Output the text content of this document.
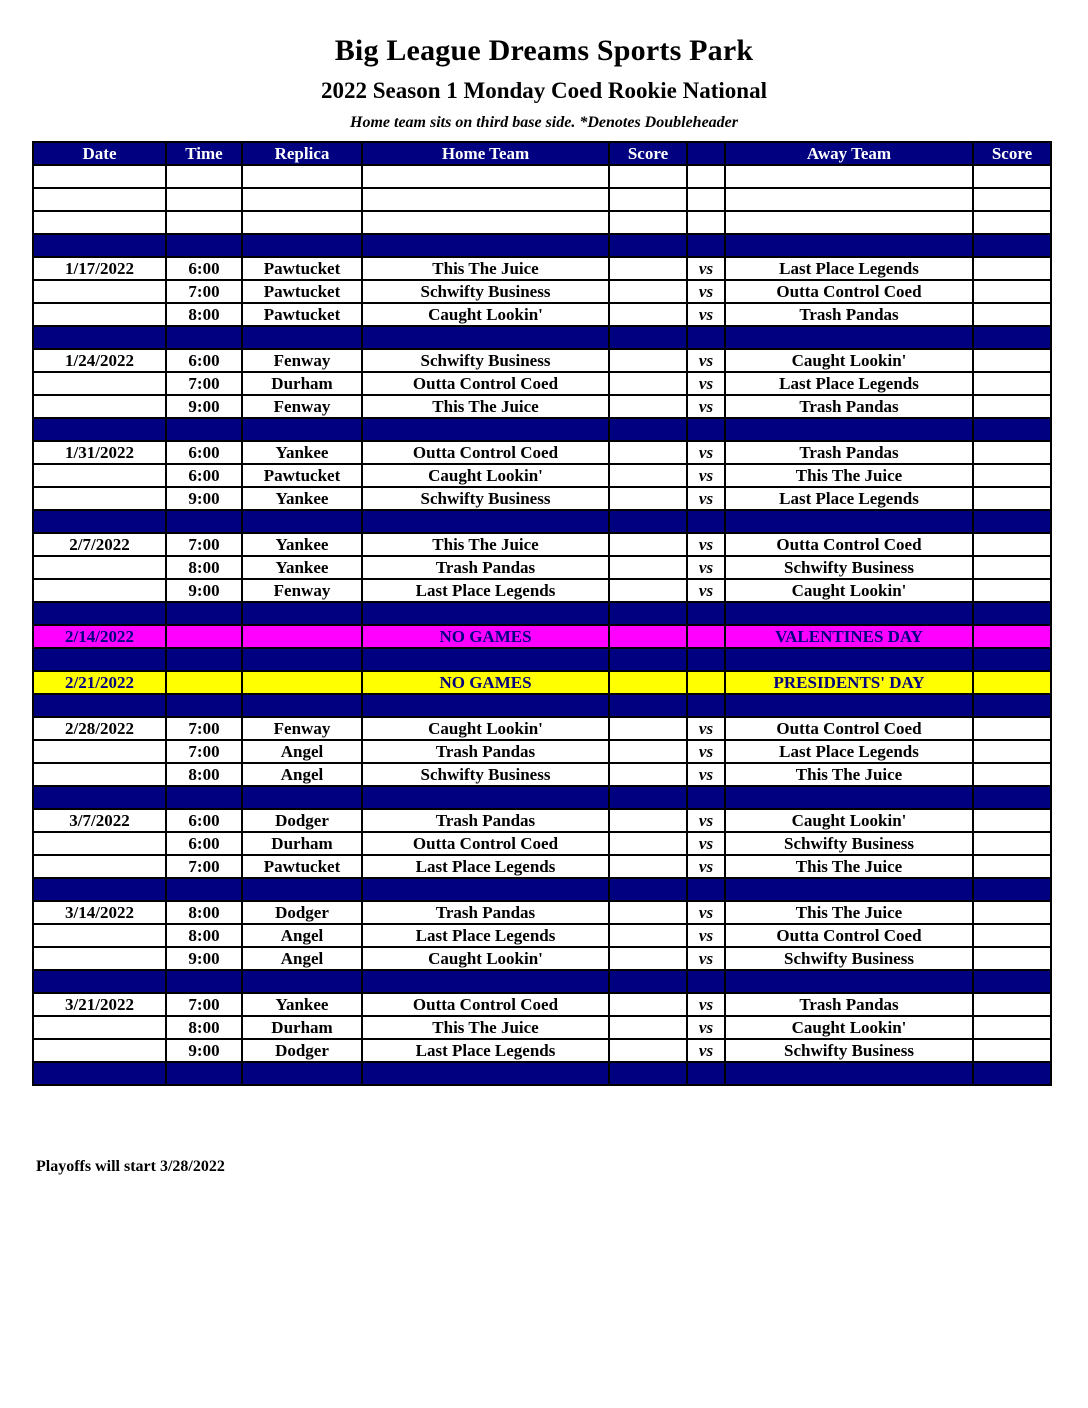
Big League Dreams Sports Park
2022 Season 1 Monday Coed Rookie National

Home team sits on third base side. *Denotes Doubleheader

Date	Time	Replica	Home Team	Score		Away Team	Score

1/17/2022	6:00	Pawtucket	This The Juice		vs	Last Place Legends	
	7:00	Pawtucket	Schwifty Business		vs	Outta Control Coed	
	8:00	Pawtucket	Caught Lookin'		vs	Trash Pandas	

1/24/2022	6:00	Fenway	Schwifty Business		vs	Caught Lookin'	
	7:00	Durham	Outta Control Coed		vs	Last Place Legends	
	9:00	Fenway	This The Juice		vs	Trash Pandas	

1/31/2022	6:00	Yankee	Outta Control Coed		vs	Trash Pandas	
	6:00	Pawtucket	Caught Lookin'		vs	This The Juice	
	9:00	Yankee	Schwifty Business		vs	Last Place Legends	

2/7/2022	7:00	Yankee	This The Juice		vs	Outta Control Coed	
	8:00	Yankee	Trash Pandas		vs	Schwifty Business	
	9:00	Fenway	Last Place Legends		vs	Caught Lookin'	

2/14/2022			NO GAMES			VALENTINES DAY	

2/21/2022			NO GAMES			PRESIDENTS' DAY	

2/28/2022	7:00	Fenway	Caught Lookin'		vs	Outta Control Coed	
	7:00	Angel	Trash Pandas		vs	Last Place Legends	
	8:00	Angel	Schwifty Business		vs	This The Juice	

3/7/2022	6:00	Dodger	Trash Pandas		vs	Caught Lookin'	
	6:00	Durham	Outta Control Coed		vs	Schwifty Business	
	7:00	Pawtucket	Last Place Legends		vs	This The Juice	

3/14/2022	8:00	Dodger	Trash Pandas		vs	This The Juice	
	8:00	Angel	Last Place Legends		vs	Outta Control Coed	
	9:00	Angel	Caught Lookin'		vs	Schwifty Business	

3/21/2022	7:00	Yankee	Outta Control Coed		vs	Trash Pandas	
	8:00	Durham	This The Juice		vs	Caught Lookin'	
	9:00	Dodger	Last Place Legends		vs	Schwifty Business	

Playoffs will start 3/28/2022
